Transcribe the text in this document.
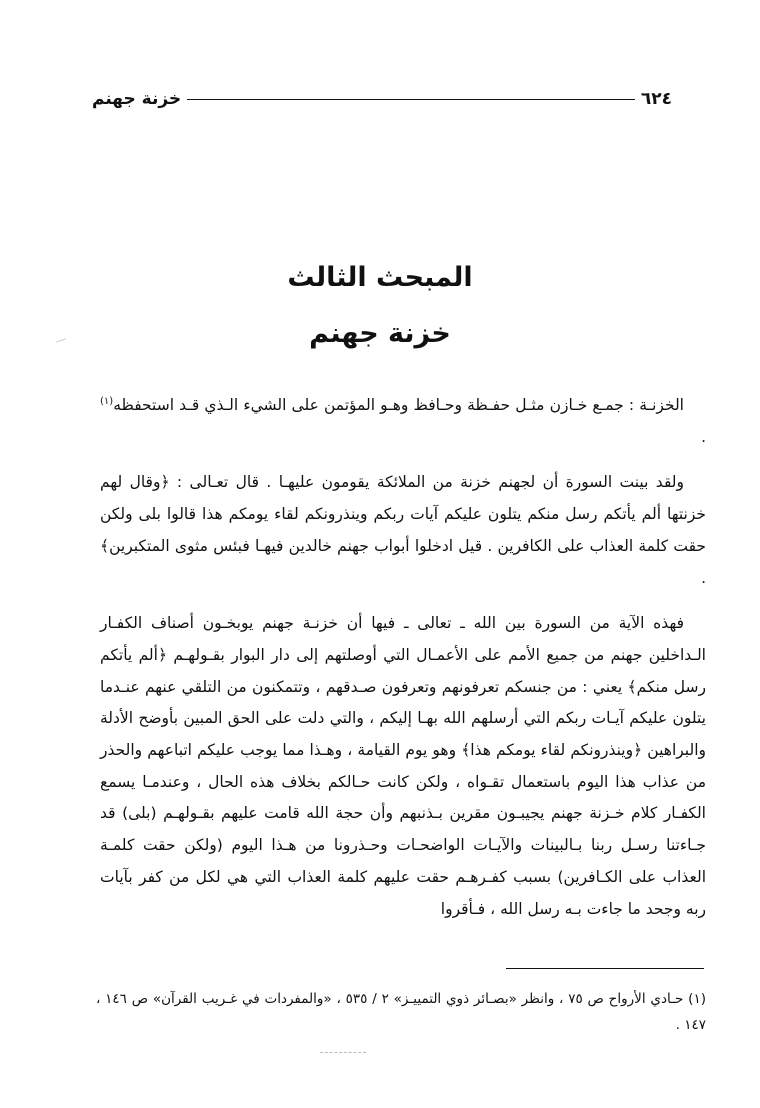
٦٢٤
خزنة جهنم
المبحث الثالث
خزنة جهنم

الخزنـة : جمـع خـازن مثـل حفـظة وحـافظ وهـو المؤتمن على الشيء الـذي قـد استحفظه$^{(١)}$ .

ولقد بينت السورة أن لجهنم خزنة من الملائكة يقومون عليهـا . قال تعـالى : ﴿وقال لهم خزنتها ألم يأتكم رسل منكم يتلون عليكم آيات ربكم وينذرونكم لقاء يومكم هذا قالوا بلى ولكن حقت كلمة العذاب على الكافرين . قيل ادخلوا أبواب جهنم خالدين فيهـا فبئس مثوى المتكبرين﴾ .

فهذه الآية من السورة بين الله ـ تعالى ـ فيها أن خزنـة جهنم يوبخـون أصناف الكفـار الـداخلين جهنم من جميع الأمم على الأعمـال التي أوصلتهم إلى دار البوار بقـولهـم ﴿ألم يأتكم رسل منكم﴾ يعني : من جنسكم تعرفونهم وتعرفون صـدقهم ، وتتمكنون من التلقي عنهم عنـدما يتلون عليكم آيـات ربكم التي أرسلهم الله بهـا إليكم ، والتي دلت على الحق المبين بأوضح الأدلة والبراهين ﴿وينذرونكم لقاء يومكم هذا﴾ وهو يوم القيامة ، وهـذا مما يوجب عليكم اتباعهم والحذر من عذاب هذا اليوم باستعمال تقـواه ، ولكن كانت حـالكم بخلاف هذه الحال ، وعندمـا يسمع الكفـار كلام خـزنة جهنم يجيبـون مقرين بـذنبهم وأن حجة الله قامت عليهم بقـولهـم (بلى) قد جـاءتنا رسـل ربنا بـالبينات والآيـات الواضحـات وحـذرونا من هـذا اليوم (ولكن حقت كلمـة العذاب على الكـافرين) بسبب كفـرهـم حقت عليهم كلمة العذاب التي هي لكل من كفر بآيات ربه وجحد ما جاءت بـه رسل الله ، فـأقروا

(١) حـادي الأرواح ص ٧٥ ، وانظر «بصـائر ذوي التمييـز» ٢ / ٥٣٥ ، «والمفردات في غـريب القرآن» ص ١٤٦ ، ١٤٧ .
